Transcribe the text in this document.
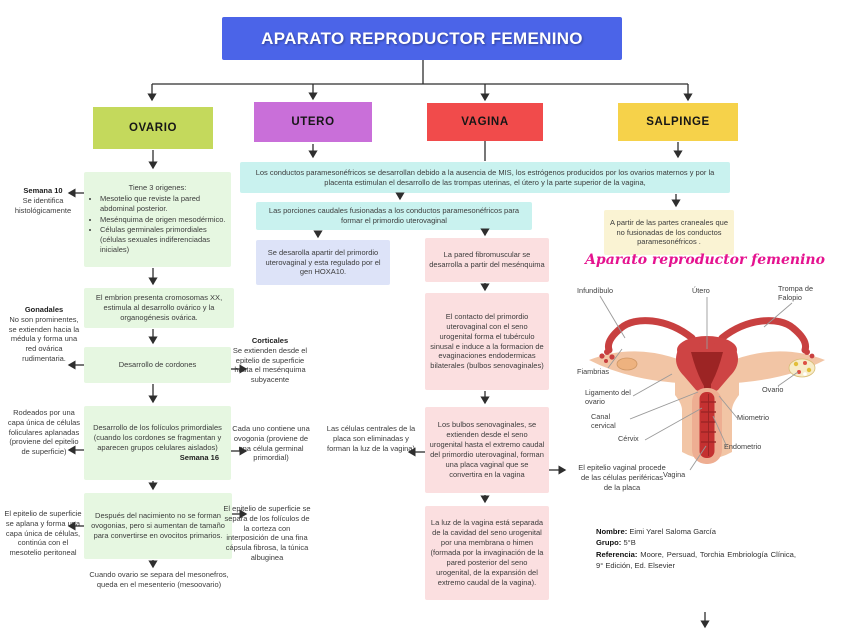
APARATO REPRODUCTOR FEMENINO
OVARIO	UTERO	VAGINA	SALPINGE
Tiene 3 origenes:
• Mesotelio que reviste la pared abdominal posterior.
• Mesénquima de origen mesodérmico.
• Células germinales primordiales (células sexuales indiferenciadas iniciales)
El embrion presenta cromosomas XX, estimula al desarrollo ovárico y la organogénesis ovárica.
Desarrollo de cordones
Desarrollo de los folículos primordiales (cuando los cordones se fragmentan y aparecen grupos celulares aislados)
Semana 16
Después del nacimiento no se forman ovogonias, pero si aumentan de tamaño para convertirse en ovocitos primarios.
Cuando ovario se separa del mesonefros, queda en el mesenterio (mesoovario)
Semana 10
Se identifica histológicamente
Gonadales
No son prominentes, se extienden hacia la médula y forma una red ovárica rudimentaria.
Rodeados por una capa única de células foliculares aplanadas (proviene del epitelio de superficie)
El epitelio de superficie se aplana y forma una capa única de células, continúa con el mesotelio peritoneal
Corticales
Se extienden desde el epitelio de superficie hasta el mesénquima subyacente
Cada uno contiene una ovogonia (proviene de una célula germinal primordial)
El epitelio de superficie se separa de los folículos de la corteza con interposición de una fina cápsula fibrosa, la túnica albuginea
Los conductos paramesonéfricos se desarrollan debido a la ausencia de MIS, los estrógenos producidos por los ovarios maternos y por la placenta estimulan el desarrollo de las trompas uterinas, el útero y la parte superior de la vagina,
Las porciones caudales fusionadas a los conductos paramesonéfricos para formar el primordio uterovaginal
Se desarolla apartir del primordio uterovaginal y esta regulado por el gen HOXA10.
La pared fibromuscular se desarrolla a partir del mesénquima
El contacto del primordio uterovaginal con el seno urogenital forma el tubérculo sinusal e induce a la formacion de evaginaciones endodermicas bilaterales (bulbos senovaginales)
Los bulbos senovaginales, se extienden desde el seno urogenital hasta el extremo caudal del primordio uterovaginal, forman una placa vaginal que se convertira en la vagina
La luz de la vagina está separada de la cavidad del seno urogenital por una membrana o himen (formada por la invaginación de la pared posterior del seno urogenital, de la expansión del extremo caudal de la vagina).
Las células centrales de la placa son eliminadas y forman la luz de la vagina)
El epitelio vaginal procede de las células periféricas de la placa
A partir de las partes craneales que no fusionadas de los conductos paramesonéfricos .
Aparato reproductor femenino
Infundíbulo	Útero	Trompa de Falopio
Fiambrias
Ligamento del ovario
Canal cervical
Cérvix
Vagina
Ovario
Miometrio
Endometrio
Nombre: Eimi Yarel Saloma García
Grupo: 5°B
Referencia: Moore, Persuad, Torchia Embriología Clínica, 9° Edición, Ed. Elsevier
